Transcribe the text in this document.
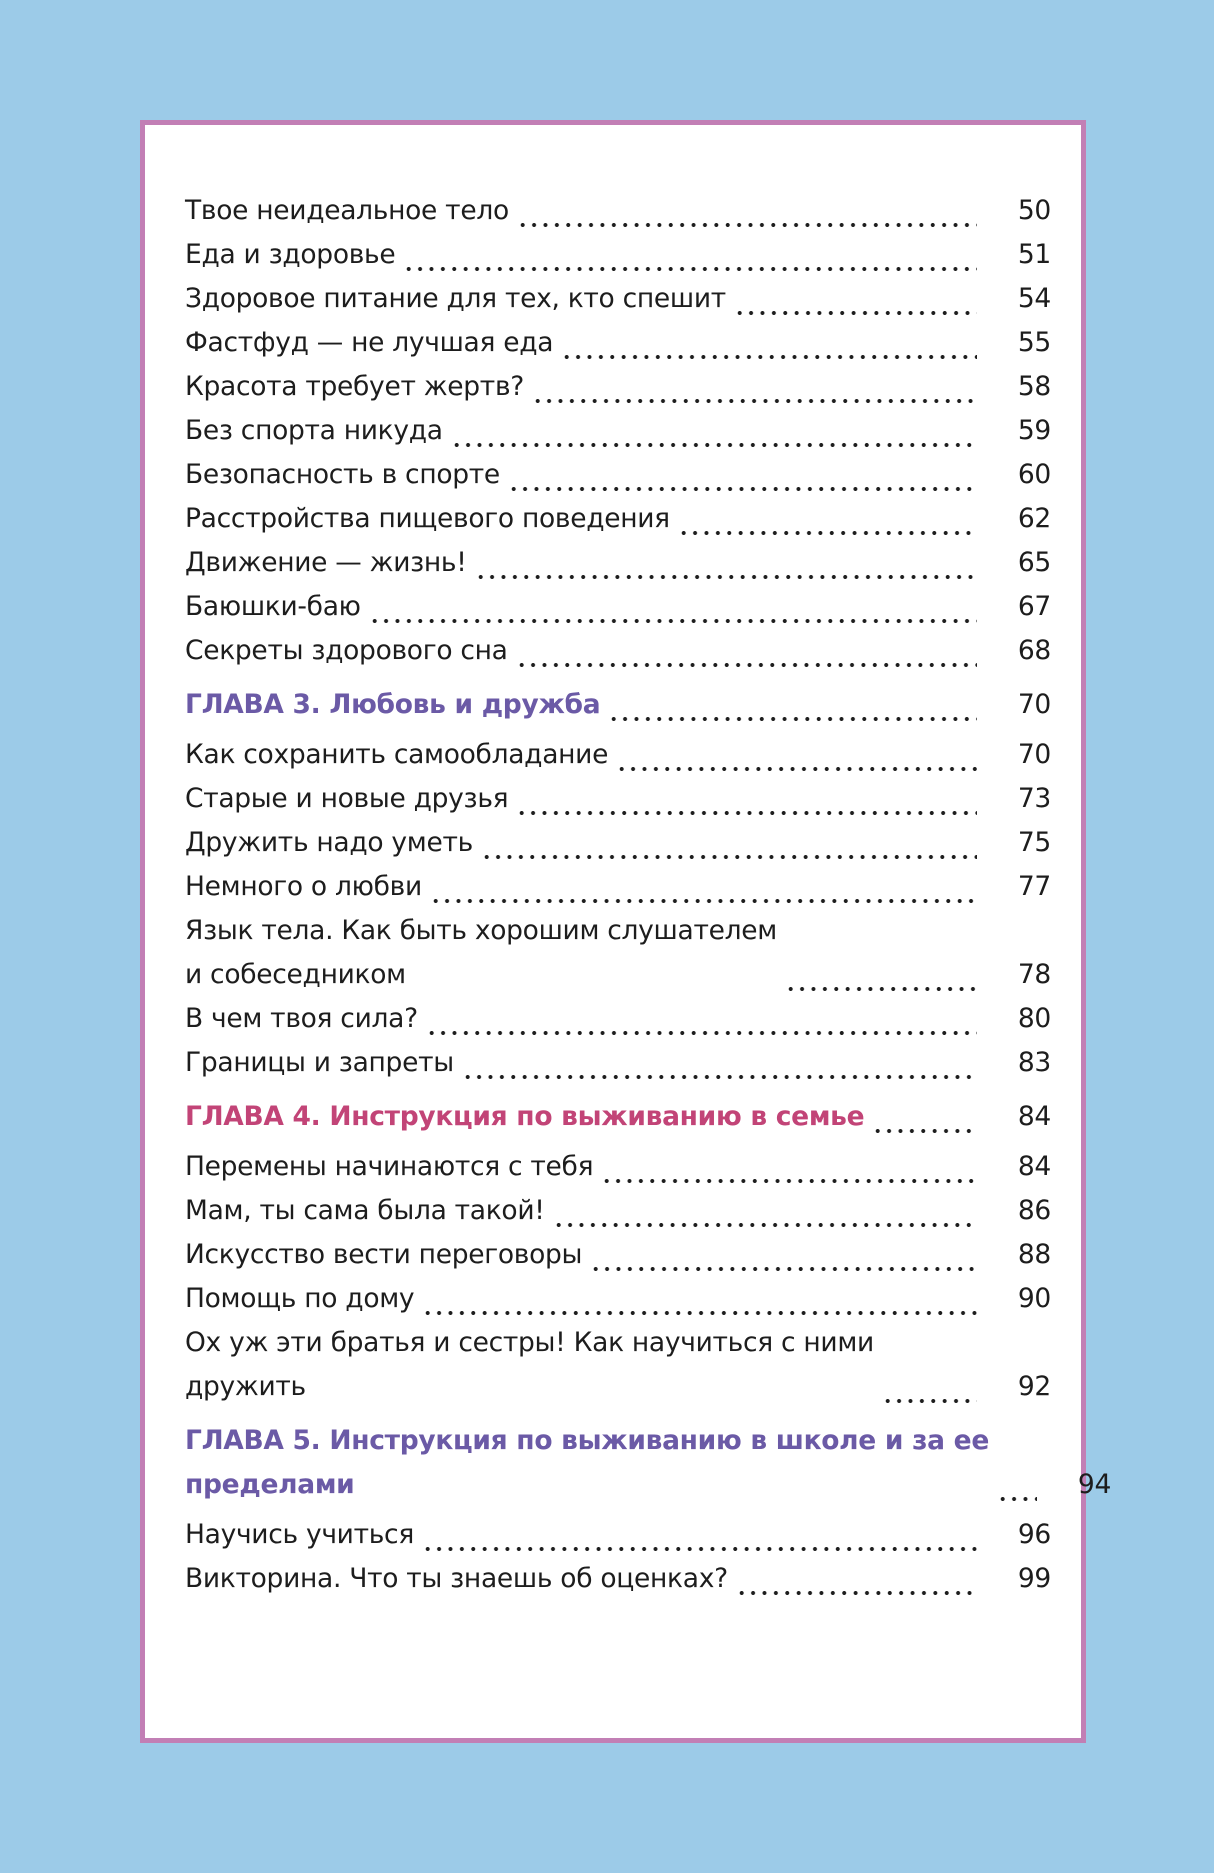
Твое неидеальное тело	50
Еда и здоровье	51
Здоровое питание для тех, кто спешит	54
Фастфуд — не лучшая еда	55
Красота требует жертв?	58
Без спорта никуда	59
Безопасность в спорте	60
Расстройства пищевого поведения	62
Движение — жизнь!	65
Баюшки-баю	67
Секреты здорового сна	68
ГЛАВА 3. Любовь и дружба	70
Как сохранить самообладание	70
Старые и новые друзья	73
Дружить надо уметь	75
Немного о любви	77
Язык тела. Как быть хорошим слушателем
и собеседником	78
В чем твоя сила?	80
Границы и запреты	83
ГЛАВА 4. Инструкция по выживанию в семье	84
Перемены начинаются с тебя	84
Мам, ты сама была такой!	86
Искусство вести переговоры	88
Помощь по дому	90
Ох уж эти братья и сестры! Как научиться с ними
дружить	92
ГЛАВА 5. Инструкция по выживанию в школе и за ее
пределами	94
Научись учиться	96
Викторина. Что ты знаешь об оценках?	99
